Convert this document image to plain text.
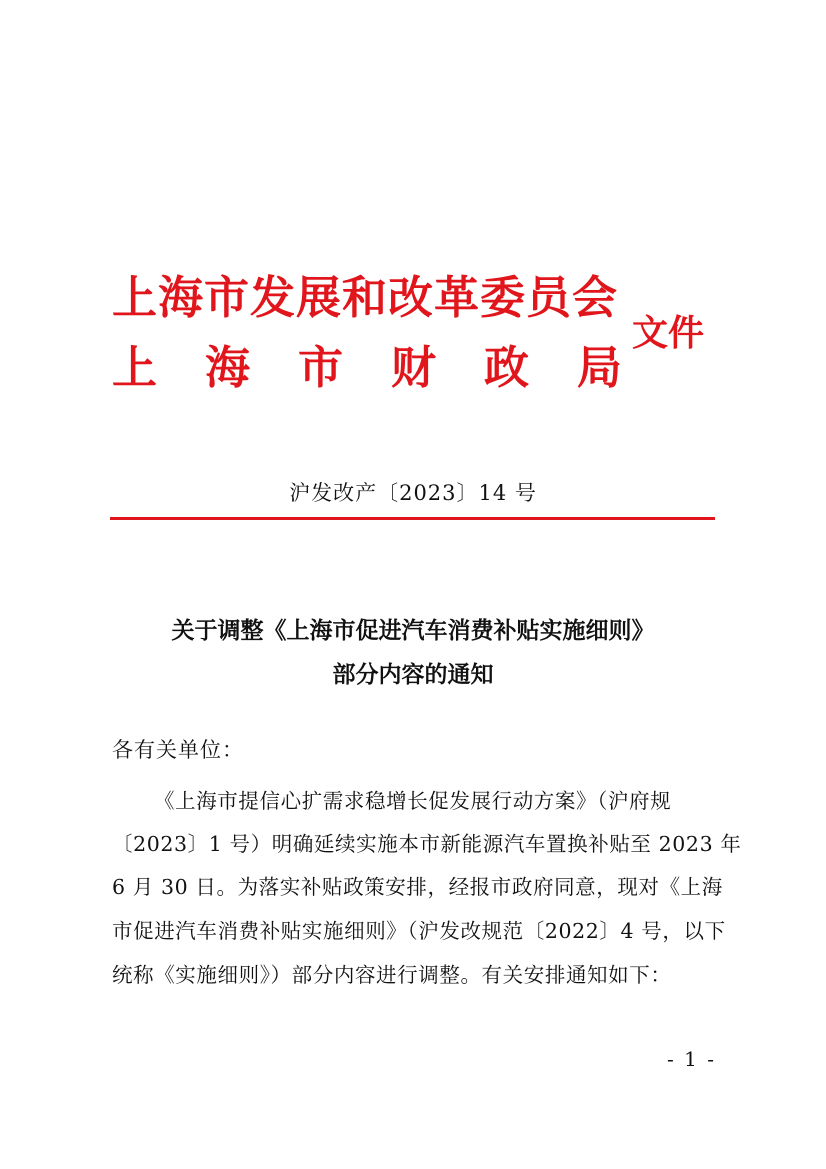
上海市发展和改革委员会
上 海 市 财 政 局
文件
沪发改产〔2023〕14 号
关于调整《上海市促进汽车消费补贴实施细则》
部分内容的通知
各有关单位：
《上海市提信心扩需求稳增长促发展行动方案》（沪府规
〔2023〕1 号）明确延续实施本市新能源汽车置换补贴至 2023 年
6 月 30 日。为落实补贴政策安排，经报市政府同意，现对《上海
市促进汽车消费补贴实施细则》（沪发改规范〔2022〕4 号，以下
统称《实施细则》）部分内容进行调整。有关安排通知如下：
- 1 -
